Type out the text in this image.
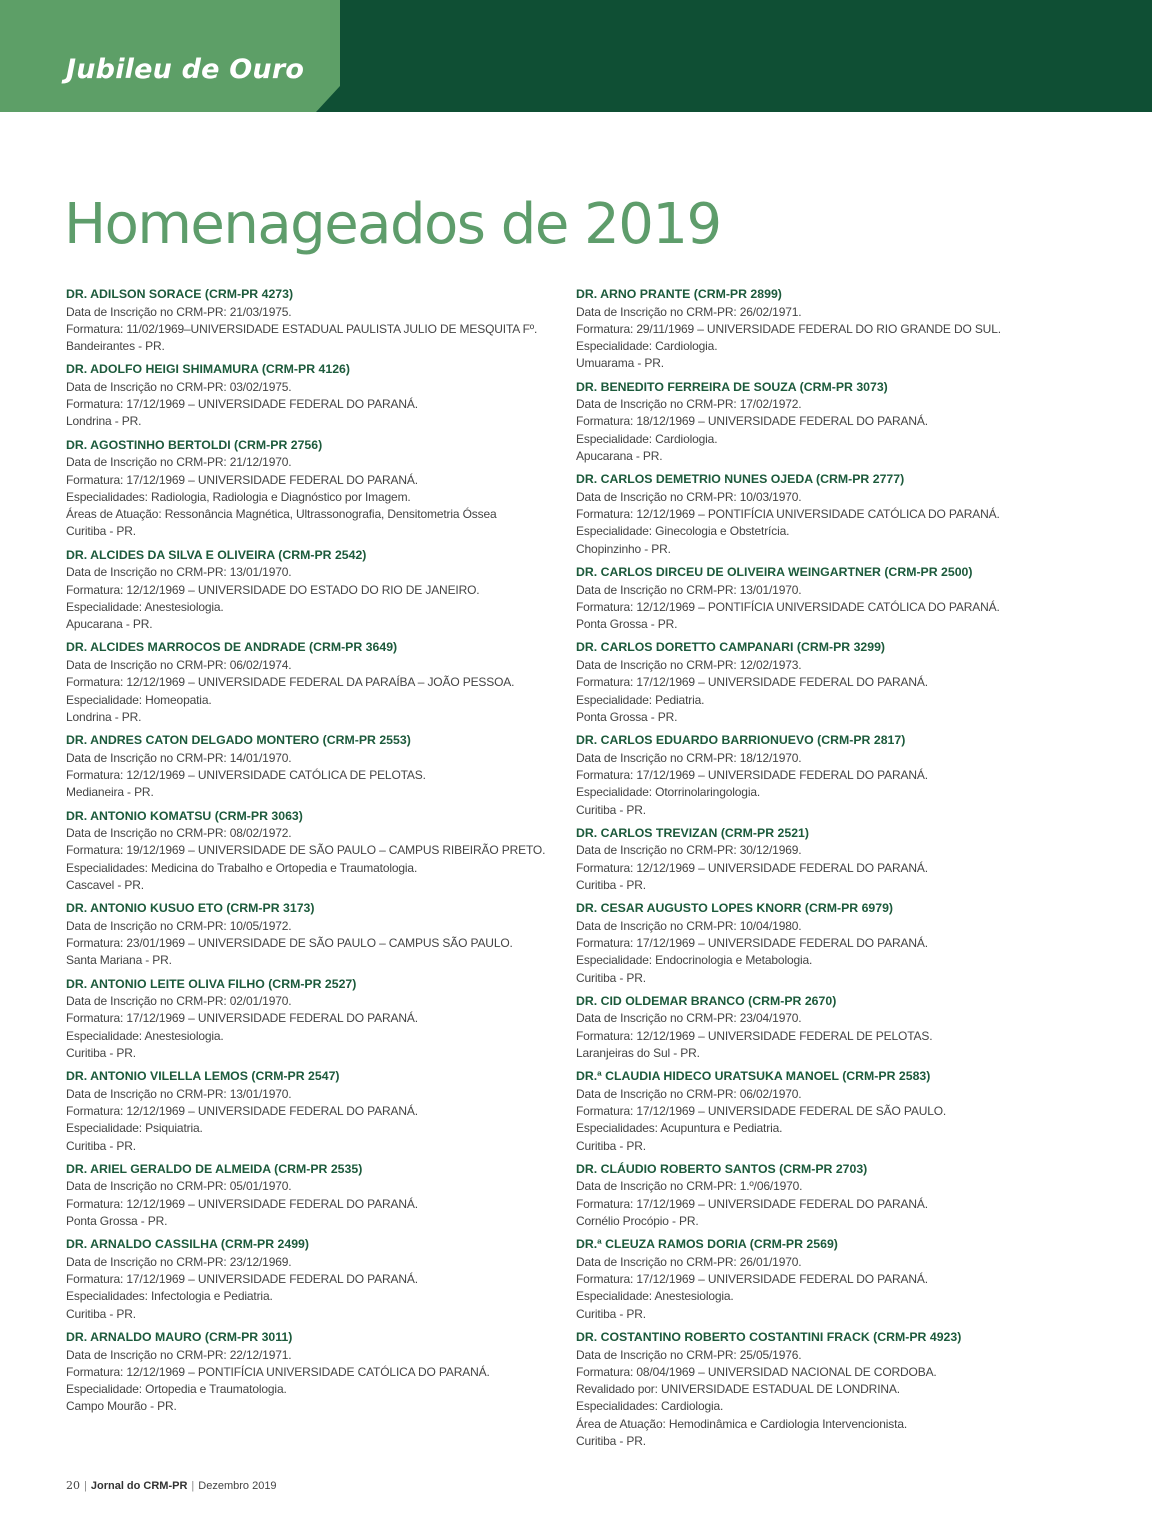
Jubileu de Ouro
Homenageados de 2019
DR. ADILSON SORACE (CRM-PR 4273)
Data de Inscrição no CRM-PR: 21/03/1975.
Formatura: 11/02/1969–UNIVERSIDADE ESTADUAL PAULISTA JULIO DE MESQUITA Fº.
Bandeirantes - PR.
DR. ADOLFO HEIGI SHIMAMURA (CRM-PR 4126)
Data de Inscrição no CRM-PR: 03/02/1975.
Formatura: 17/12/1969 – UNIVERSIDADE FEDERAL DO PARANÁ.
Londrina - PR.
DR. AGOSTINHO BERTOLDI (CRM-PR 2756)
Data de Inscrição no CRM-PR: 21/12/1970.
Formatura: 17/12/1969 – UNIVERSIDADE FEDERAL DO PARANÁ.
Especialidades: Radiologia, Radiologia e Diagnóstico por Imagem.
Áreas de Atuação: Ressonância Magnética, Ultrassonografia, Densitometria Óssea
Curitiba - PR.
DR. ALCIDES DA SILVA E OLIVEIRA (CRM-PR 2542)
Data de Inscrição no CRM-PR: 13/01/1970.
Formatura: 12/12/1969 – UNIVERSIDADE DO ESTADO DO RIO DE JANEIRO.
Especialidade: Anestesiologia.
Apucarana - PR.
DR. ALCIDES MARROCOS DE ANDRADE (CRM-PR 3649)
Data de Inscrição no CRM-PR: 06/02/1974.
Formatura: 12/12/1969 – UNIVERSIDADE FEDERAL DA PARAÍBA – JOÃO PESSOA.
Especialidade: Homeopatia.
Londrina - PR.
DR. ANDRES CATON DELGADO MONTERO (CRM-PR 2553)
Data de Inscrição no CRM-PR: 14/01/1970.
Formatura: 12/12/1969 – UNIVERSIDADE CATÓLICA DE PELOTAS.
Medianeira - PR.
DR. ANTONIO KOMATSU (CRM-PR 3063)
Data de Inscrição no CRM-PR: 08/02/1972.
Formatura: 19/12/1969 – UNIVERSIDADE DE SÃO PAULO – CAMPUS RIBEIRÃO PRETO.
Especialidades: Medicina do Trabalho e Ortopedia e Traumatologia.
Cascavel - PR.
DR. ANTONIO KUSUO ETO (CRM-PR 3173)
Data de Inscrição no CRM-PR: 10/05/1972.
Formatura: 23/01/1969 – UNIVERSIDADE DE SÃO PAULO – CAMPUS SÃO PAULO.
Santa Mariana - PR.
DR. ANTONIO LEITE OLIVA FILHO (CRM-PR 2527)
Data de Inscrição no CRM-PR: 02/01/1970.
Formatura: 17/12/1969 – UNIVERSIDADE FEDERAL DO PARANÁ.
Especialidade: Anestesiologia.
Curitiba - PR.
DR. ANTONIO VILELLA LEMOS (CRM-PR 2547)
Data de Inscrição no CRM-PR: 13/01/1970.
Formatura: 12/12/1969 – UNIVERSIDADE FEDERAL DO PARANÁ.
Especialidade: Psiquiatria.
Curitiba - PR.
DR. ARIEL GERALDO DE ALMEIDA (CRM-PR 2535)
Data de Inscrição no CRM-PR: 05/01/1970.
Formatura: 12/12/1969 – UNIVERSIDADE FEDERAL DO PARANÁ.
Ponta Grossa - PR.
DR. ARNALDO CASSILHA (CRM-PR 2499)
Data de Inscrição no CRM-PR: 23/12/1969.
Formatura: 17/12/1969 – UNIVERSIDADE FEDERAL DO PARANÁ.
Especialidades: Infectologia e Pediatria.
Curitiba - PR.
DR. ARNALDO MAURO (CRM-PR 3011)
Data de Inscrição no CRM-PR: 22/12/1971.
Formatura: 12/12/1969 – PONTIFÍCIA UNIVERSIDADE CATÓLICA DO PARANÁ.
Especialidade: Ortopedia e Traumatologia.
Campo Mourão - PR.
DR. ARNO PRANTE (CRM-PR 2899)
Data de Inscrição no CRM-PR: 26/02/1971.
Formatura: 29/11/1969 – UNIVERSIDADE FEDERAL DO RIO GRANDE DO SUL.
Especialidade: Cardiologia.
Umuarama - PR.
DR. BENEDITO FERREIRA DE SOUZA (CRM-PR 3073)
Data de Inscrição no CRM-PR: 17/02/1972.
Formatura: 18/12/1969 – UNIVERSIDADE FEDERAL DO PARANÁ.
Especialidade: Cardiologia.
Apucarana - PR.
DR. CARLOS DEMETRIO NUNES OJEDA (CRM-PR 2777)
Data de Inscrição no CRM-PR: 10/03/1970.
Formatura: 12/12/1969 – PONTIFÍCIA UNIVERSIDADE CATÓLICA DO PARANÁ.
Especialidade: Ginecologia e Obstetrícia.
Chopinzinho - PR.
DR. CARLOS DIRCEU DE OLIVEIRA WEINGARTNER (CRM-PR 2500)
Data de Inscrição no CRM-PR: 13/01/1970.
Formatura: 12/12/1969 – PONTIFÍCIA UNIVERSIDADE CATÓLICA DO PARANÁ.
Ponta Grossa - PR.
DR. CARLOS DORETTO CAMPANARI (CRM-PR 3299)
Data de Inscrição no CRM-PR: 12/02/1973.
Formatura: 17/12/1969 – UNIVERSIDADE FEDERAL DO PARANÁ.
Especialidade: Pediatria.
Ponta Grossa - PR.
DR. CARLOS EDUARDO BARRIONUEVO (CRM-PR 2817)
Data de Inscrição no CRM-PR: 18/12/1970.
Formatura: 17/12/1969 – UNIVERSIDADE FEDERAL DO PARANÁ.
Especialidade: Otorrinolaringologia.
Curitiba - PR.
DR. CARLOS TREVIZAN (CRM-PR 2521)
Data de Inscrição no CRM-PR: 30/12/1969.
Formatura: 12/12/1969 – UNIVERSIDADE FEDERAL DO PARANÁ.
Curitiba - PR.
DR. CESAR AUGUSTO LOPES KNORR (CRM-PR 6979)
Data de Inscrição no CRM-PR: 10/04/1980.
Formatura: 17/12/1969 – UNIVERSIDADE FEDERAL DO PARANÁ.
Especialidade: Endocrinologia e Metabologia.
Curitiba - PR.
DR. CID OLDEMAR BRANCO (CRM-PR 2670)
Data de Inscrição no CRM-PR: 23/04/1970.
Formatura: 12/12/1969 – UNIVERSIDADE FEDERAL DE PELOTAS.
Laranjeiras do Sul - PR.
DR.ª CLAUDIA HIDECO URATSUKA MANOEL (CRM-PR 2583)
Data de Inscrição no CRM-PR: 06/02/1970.
Formatura: 17/12/1969 – UNIVERSIDADE FEDERAL DE SÃO PAULO.
Especialidades: Acupuntura e Pediatria.
Curitiba - PR.
DR. CLÁUDIO ROBERTO SANTOS (CRM-PR 2703)
Data de Inscrição no CRM-PR: 1.º/06/1970.
Formatura: 17/12/1969 – UNIVERSIDADE FEDERAL DO PARANÁ.
Cornélio Procópio - PR.
DR.ª CLEUZA RAMOS DORIA (CRM-PR 2569)
Data de Inscrição no CRM-PR: 26/01/1970.
Formatura: 17/12/1969 – UNIVERSIDADE FEDERAL DO PARANÁ.
Especialidade: Anestesiologia.
Curitiba - PR.
DR. COSTANTINO ROBERTO COSTANTINI FRACK (CRM-PR 4923)
Data de Inscrição no CRM-PR: 25/05/1976.
Formatura: 08/04/1969 – UNIVERSIDAD NACIONAL DE CORDOBA.
Revalidado por: UNIVERSIDADE ESTADUAL DE LONDRINA.
Especialidades: Cardiologia.
Área de Atuação: Hemodinâmica e Cardiologia Intervencionista.
Curitiba - PR.
20 | Jornal do CRM-PR | Dezembro 2019
